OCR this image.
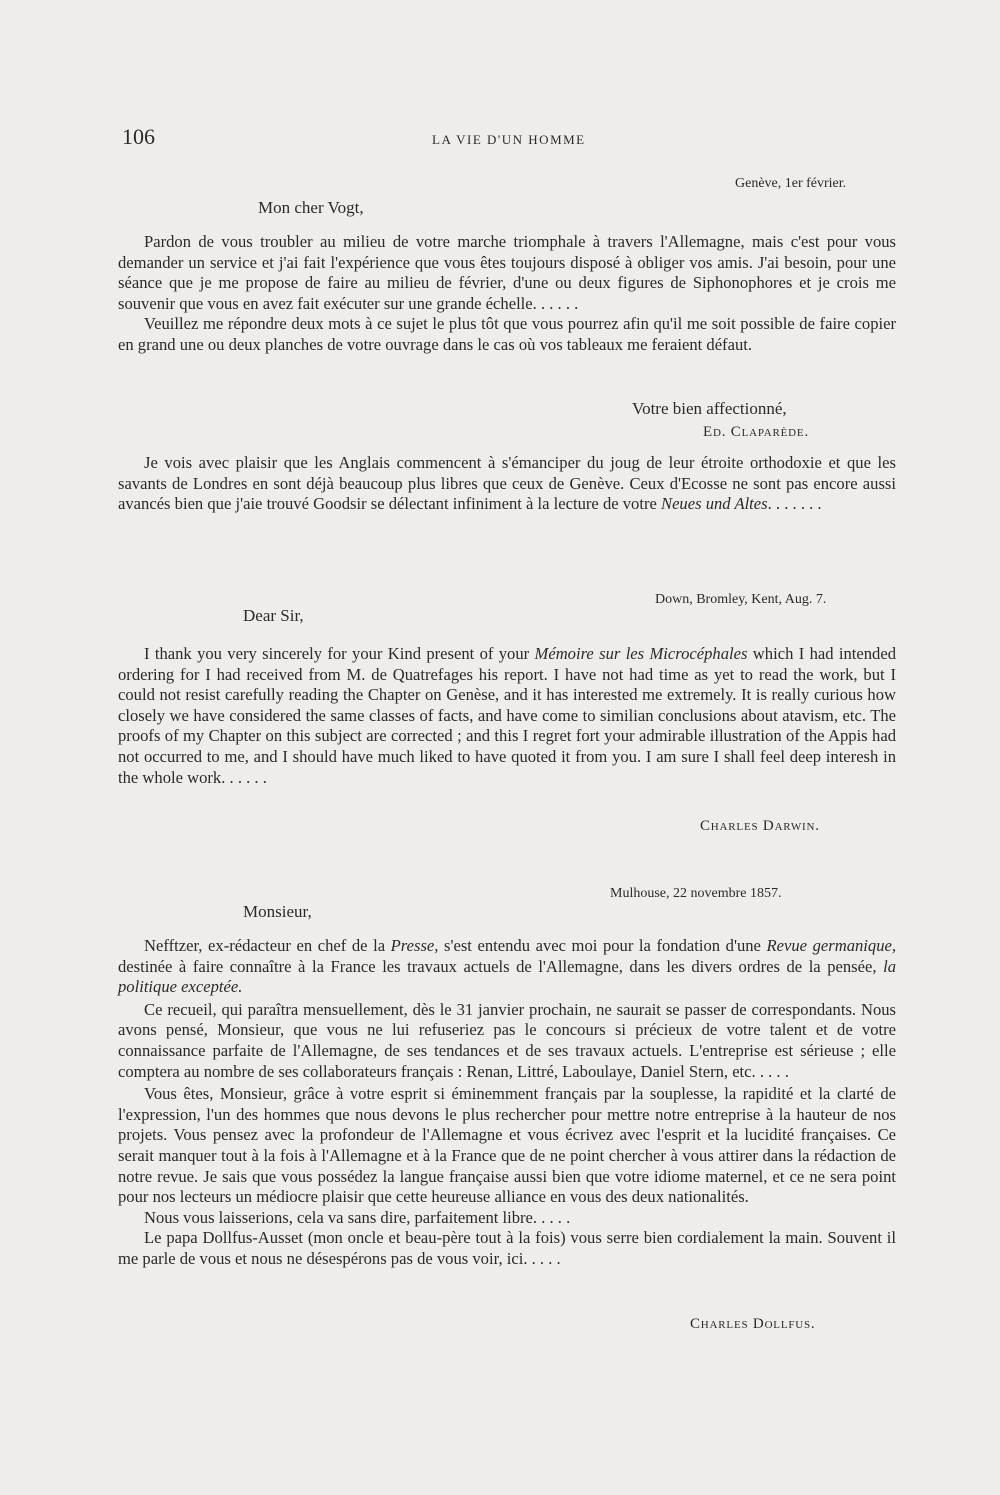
106	LA VIE D'UN HOMME
Genève, 1er février.
Mon cher Vogt,

Pardon de vous troubler au milieu de votre marche triomphale à travers l'Allemagne, mais c'est pour vous demander un service et j'ai fait l'expérience que vous êtes toujours disposé à obliger vos amis. J'ai besoin, pour une séance que je me propose de faire au milieu de février, d'une ou deux figures de Siphonophores et je crois me souvenir que vous en avez fait exécuter sur une grande échelle. . . . . .

Veuillez me répondre deux mots à ce sujet le plus tôt que vous pourrez afin qu'il me soit possible de faire copier en grand une ou deux planches de votre ouvrage dans le cas où vos tableaux me feraient défaut.

Votre bien affectionné,
Ed. Claparède.

Je vois avec plaisir que les Anglais commencent à s'émanciper du joug de leur étroite orthodoxie et que les savants de Londres en sont déjà beaucoup plus libres que ceux de Genève. Ceux d'Ecosse ne sont pas encore aussi avancés bien que j'aie trouvé Goodsir se délectant infiniment à la lecture de votre Neues und Altes. . . . . . .

Down, Bromley, Kent, Aug. 7.
Dear Sir,

I thank you very sincerely for your Kind present of your Mémoire sur les Microcéphales which I had intended ordering for I had received from M. de Quatrefages his report. I have not had time as yet to read the work, but I could not resist carefully reading the Chapter on Genèse, and it has interested me extremely. It is really curious how closely we have considered the same classes of facts, and have come to similian conclusions about atavism, etc. The proofs of my Chapter on this subject are corrected ; and this I regret fort your admirable illustration of the Appis had not occurred to me, and I should have much liked to have quoted it from you. I am sure I shall feel deep interesh in the whole work. . . . . .

Charles Darwin.
Mulhouse, 22 novembre 1857.
Monsieur,

Nefftzer, ex-rédacteur en chef de la Presse, s'est entendu avec moi pour la fondation d'une Revue germanique, destinée à faire connaître à la France les travaux actuels de l'Allemagne, dans les divers ordres de la pensée, la politique exceptée.

Ce recueil, qui paraîtra mensuellement, dès le 31 janvier prochain, ne saurait se passer de correspondants. Nous avons pensé, Monsieur, que vous ne lui refuseriez pas le concours si précieux de votre talent et de votre connaissance parfaite de l'Allemagne, de ses tendances et de ses travaux actuels. L'entreprise est sérieuse ; elle comptera au nombre de ses collaborateurs français : Renan, Littré, Laboulaye, Daniel Stern, etc. . . . .

Vous êtes, Monsieur, grâce à votre esprit si éminemment français par la souplesse, la rapidité et la clarté de l'expression, l'un des hommes que nous devons le plus rechercher pour mettre notre entreprise à la hauteur de nos projets. Vous pensez avec la profondeur de l'Allemagne et vous écrivez avec l'esprit et la lucidité françaises. Ce serait manquer tout à la fois à l'Allemagne et à la France que de ne point chercher à vous attirer dans la rédaction de notre revue. Je sais que vous possédez la langue française aussi bien que votre idiome maternel, et ce ne sera point pour nos lecteurs un médiocre plaisir que cette heureuse alliance en vous des deux nationalités.

Nous vous laisserions, cela va sans dire, parfaitement libre. . . . .

Le papa Dollfus-Ausset (mon oncle et beau-père tout à la fois) vous serre bien cordialement la main. Souvent il me parle de vous et nous ne désespérons pas de vous voir, ici. . . . .

Charles Dollfus.
